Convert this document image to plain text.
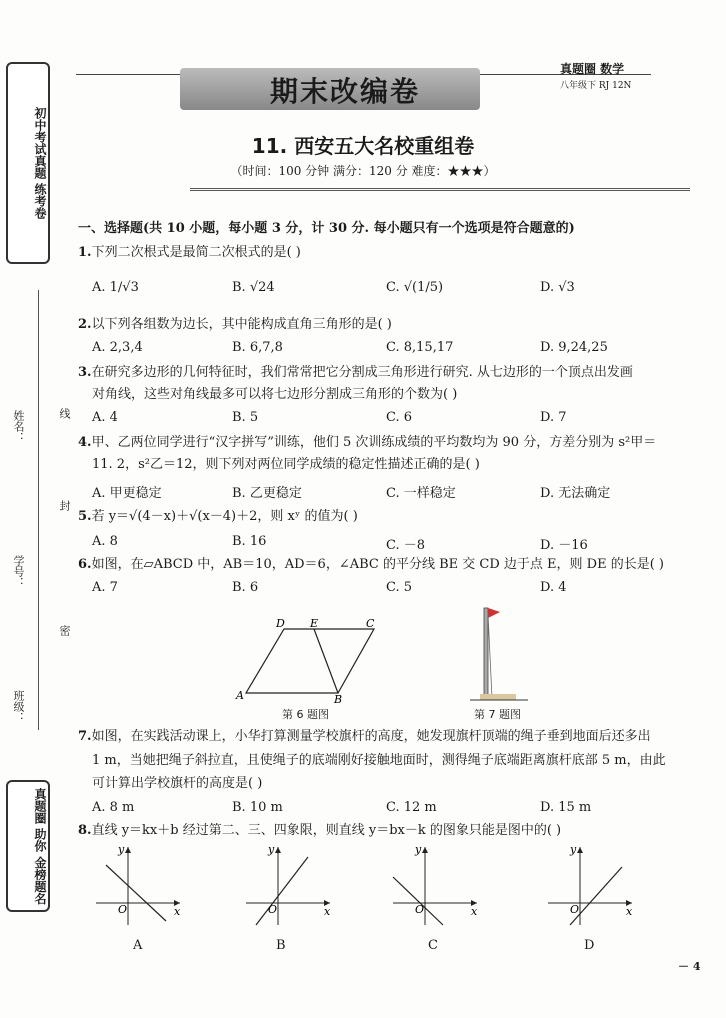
初中考试真题 练考卷
真题圈 助你 金榜题名
姓名：	线
封
学号：
密
班级：
真题圈 数学
八年级下 RJ 12N
期末改编卷
11. 西安五大名校重组卷
（时间：100 分钟 满分：120 分 难度：★★★）
一、选择题(共 10 小题，每小题 3 分，计 30 分. 每小题只有一个选项是符合题意的)
1.下列二次根式是最简二次根式的是( )
A. 1/√3	B. √24	C. √(1/5)	D. √3
2.以下列各组数为边长，其中能构成直角三角形的是( )
A. 2,3,4	B. 6,7,8	C. 8,15,17	D. 9,24,25
3.在研究多边形的几何特征时，我们常常把它分割成三角形进行研究. 从七边形的一个顶点出发画
对角线，这些对角线最多可以将七边形分割成三角形的个数为( )
A. 4	B. 5	C. 6	D. 7
4.甲、乙两位同学进行“汉字拼写”训练，他们 5 次训练成绩的平均数均为 90 分，方差分别为 s²甲＝
11. 2，s²乙＝12，则下列对两位同学成绩的稳定性描述正确的是( )
A. 甲更稳定	B. 乙更稳定	C. 一样稳定	D. 无法确定
5.若 y＝√(4－x)＋√(x－4)＋2，则 xʸ 的值为( )
A. 8	B. 16	C. －8	D. －16
6.如图，在▱ABCD 中，AB＝10，AD＝6，∠ABC 的平分线 BE 交 CD 边于点 E，则 DE 的长是( )
A. 7	B. 6	C. 5	D. 4
D E	C
A	B
第 6 题图	第 7 题图
7.如图，在实践活动课上，小华打算测量学校旗杆的高度，她发现旗杆顶端的绳子垂到地面后还多出
1 m，当她把绳子斜拉直，且使绳子的底端刚好接触地面时，测得绳子底端距离旗杆底部 5 m，由此
可计算出学校旗杆的高度是( )
A. 8 m	B. 10 m	C. 12 m	D. 15 m
8.直线 y＝kx＋b 经过第二、三、四象限，则直线 y＝bx－k 的图象只能是图中的( )
y
x
O
A
y
x
O
B
y
x
O
C
y
x
O
D
－ 4
